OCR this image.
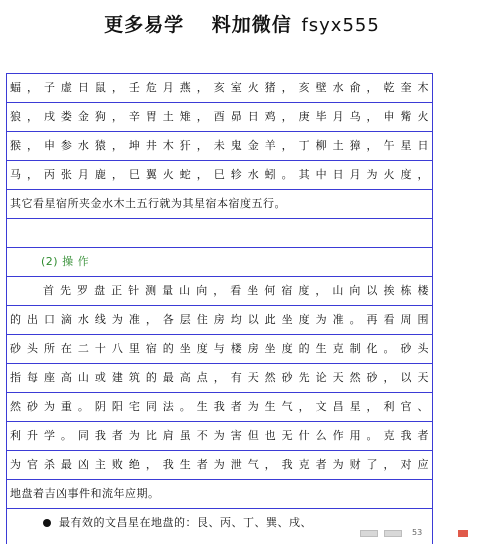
更多易学 料加微信 fsyx555
蝠，子虚日鼠，壬危月燕，亥室火猪，亥壁水俞，乾奎木
狼，戌娄金狗，辛胃土雉，酉昴日鸡，庚毕月乌，申觜火
猴，申参水猿，坤井木犴，未鬼金羊，丁柳土獐，午星日
马，丙张月鹿，巳翼火蛇，巳轸水蚓。其中日月为火度，
其它看星宿所夹金水木土五行就为其星宿本宿度五行。
(2) 操 作
首先罗盘正针测量山向，看坐何宿度，山向以挨栋楼
的出口滴水线为准，各层住房均以此坐度为准。再看周围
砂头所在二十八里宿的坐度与楼房坐度的生克制化。砂头
指每座高山或建筑的最高点，有天然砂先论天然砂，以天
然砂为重。阴阳宅同法。生我者为生气，文昌星，利官、
利升学。同我者为比肩虽不为害但也无什么作用。克我者
为官杀最凶主败绝，我生者为泄气，我克者为财了，对应
地盘着吉凶事件和流年应期。
最有效的文昌星在地盘的：艮、丙、丁、巽、戌、
53
